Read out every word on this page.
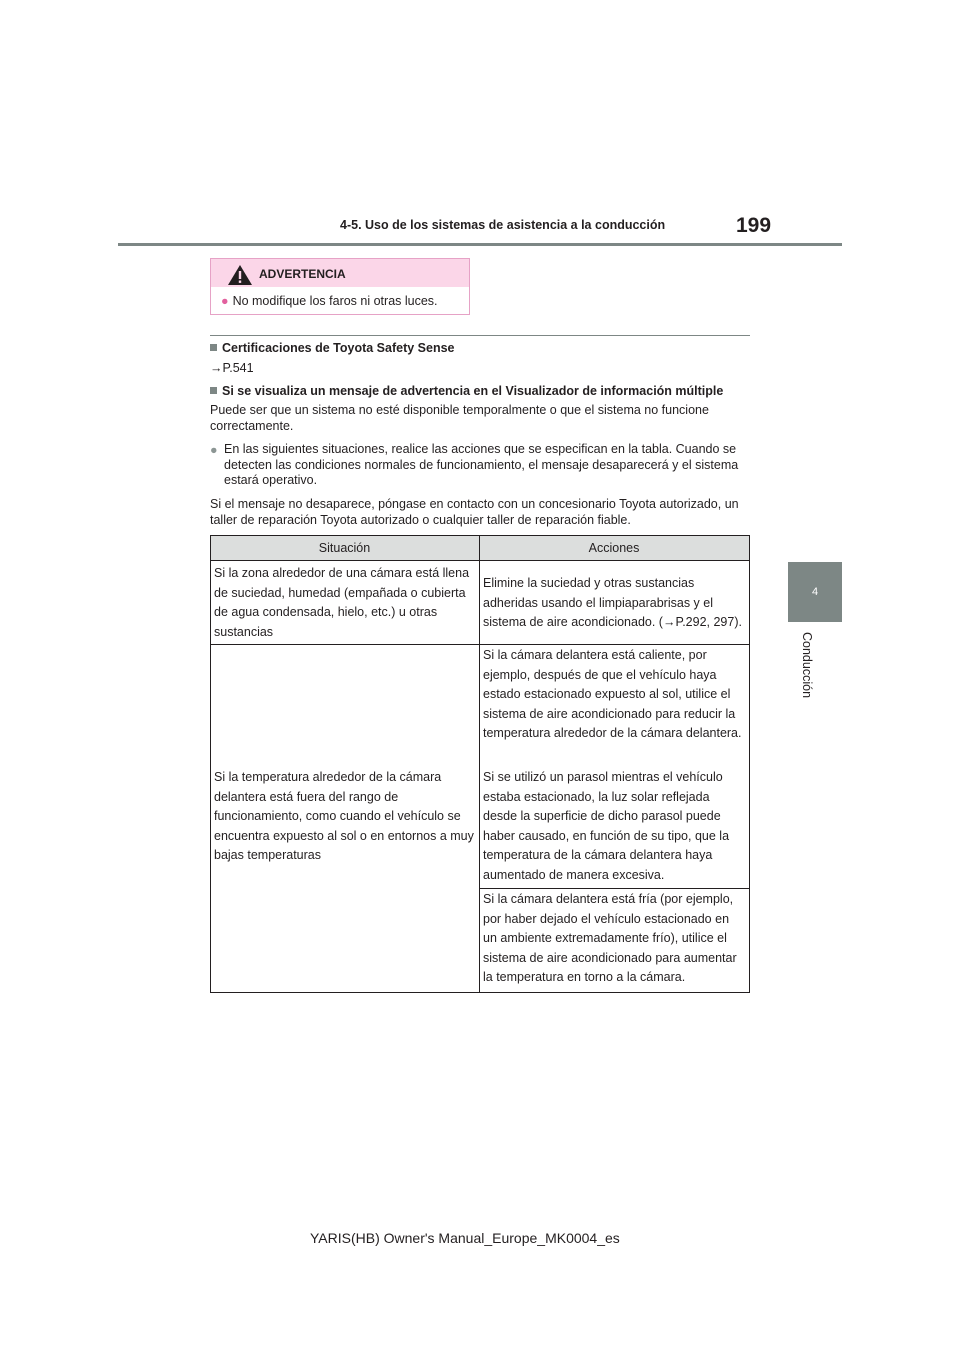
4-5. Uso de los sistemas de asistencia a la conducción	199
4
Conducción
ADVERTENCIA
● No modifique los faros ni otras luces.
Certificaciones de Toyota Safety Sense
→P.541
Si se visualiza un mensaje de advertencia en el Visualizador de información múltiple
Puede ser que un sistema no esté disponible temporalmente o que el sistema no funcione correctamente.
● En las siguientes situaciones, realice las acciones que se especifican en la tabla. Cuando se detecten las condiciones normales de funcionamiento, el mensaje desaparecerá y el sistema estará operativo.
Si el mensaje no desaparece, póngase en contacto con un concesionario Toyota autorizado, un taller de reparación Toyota autorizado o cualquier taller de reparación fiable.
Situación	Acciones
Si la zona alrededor de una cámara está llena de suciedad, humedad (empañada o cubierta de agua condensada, hielo, etc.) u otras sustancias
Elimine la suciedad y otras sustancias adheridas usando el limpiaparabrisas y el sistema de aire acondicionado. (→P.292, 297).
Si la temperatura alrededor de la cámara delantera está fuera del rango de funcionamiento, como cuando el vehículo se encuentra expuesto al sol o en entornos a muy bajas temperaturas
Si la cámara delantera está caliente, por ejemplo, después de que el vehículo haya estado estacionado expuesto al sol, utilice el sistema de aire acondicionado para reducir la temperatura alrededor de la cámara delantera.
Si se utilizó un parasol mientras el vehículo estaba estacionado, la luz solar reflejada desde la superficie de dicho parasol puede haber causado, en función de su tipo, que la temperatura de la cámara delantera haya aumentado de manera excesiva.
Si la cámara delantera está fría (por ejemplo, por haber dejado el vehículo estacionado en un ambiente extremadamente frío), utilice el sistema de aire acondicionado para aumentar la temperatura en torno a la cámara.
YARIS(HB) Owner's Manual_Europe_MK0004_es
